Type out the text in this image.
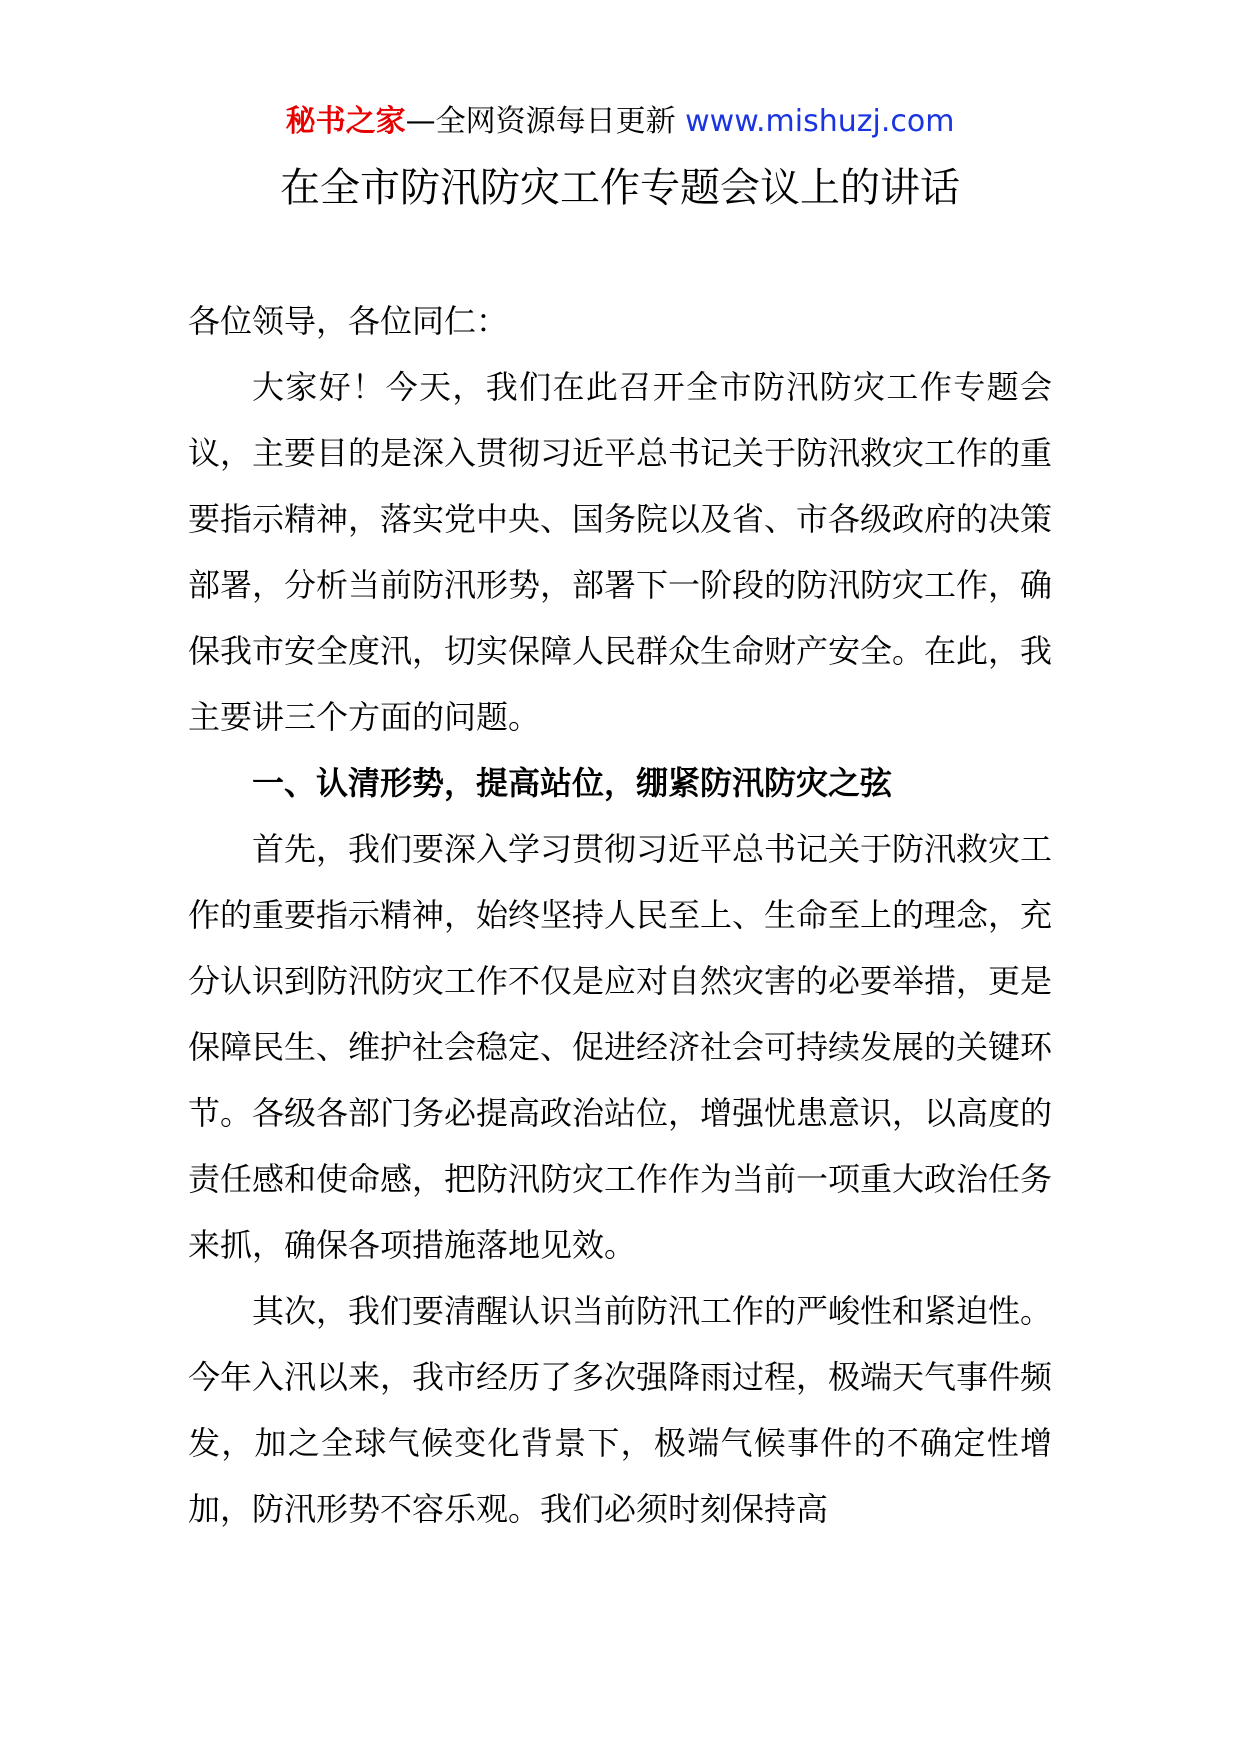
秘书之家—全网资源每日更新 www.mishuzj.com
在全市防汛防灾工作专题会议上的讲话

各位领导，各位同仁：

大家好！今天，我们在此召开全市防汛防灾工作专题会议，主要目的是深入贯彻习近平总书记关于防汛救灾工作的重要指示精神，落实党中央、国务院以及省、市各级政府的决策部署，分析当前防汛形势，部署下一阶段的防汛防灾工作，确保我市安全度汛，切实保障人民群众生命财产安全。在此，我主要讲三个方面的问题。

一、认清形势，提高站位，绷紧防汛防灾之弦

首先，我们要深入学习贯彻习近平总书记关于防汛救灾工作的重要指示精神，始终坚持人民至上、生命至上的理念，充分认识到防汛防灾工作不仅是应对自然灾害的必要举措，更是保障民生、维护社会稳定、促进经济社会可持续发展的关键环节。各级各部门务必提高政治站位，增强忧患意识，以高度的责任感和使命感，把防汛防灾工作作为当前一项重大政治任务来抓，确保各项措施落地见效。

其次，我们要清醒认识当前防汛工作的严峻性和紧迫性。今年入汛以来，我市经历了多次强降雨过程，极端天气事件频发，加之全球气候变化背景下，极端气候事件的不确定性增加，防汛形势不容乐观。我们必须时刻保持高
